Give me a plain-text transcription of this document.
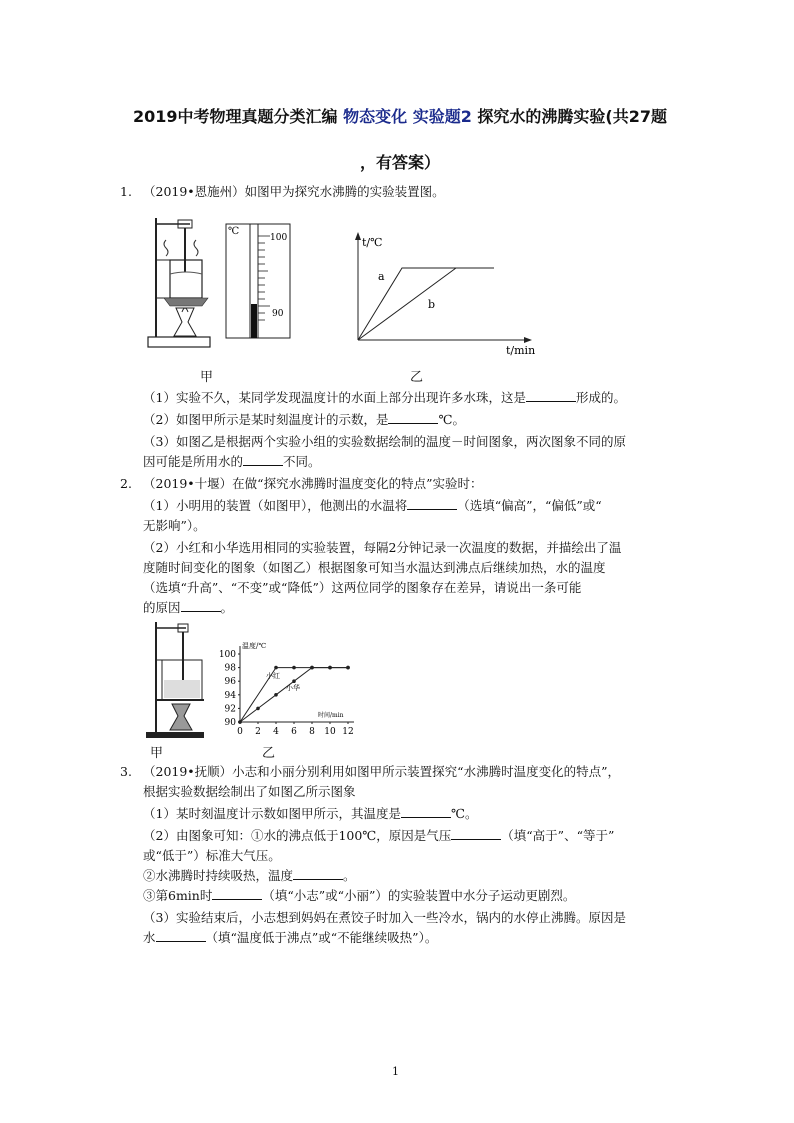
2019中考物理真题分类汇编 物态变化 实验题2 探究水的沸腾实验(共27题
，有答案）
1. （2019•恩施州）如图甲为探究水沸腾的实验装置图。
℃
100
90
甲
t/℃
a
b
t/min
乙
（1）实验不久，某同学发现温度计的水面上部分出现许多水珠，这是	形成的。
（2）如图甲所示是某时刻温度计的示数，是	℃。
（3）如图乙是根据两个实验小组的实验数据绘制的温度－时间图象，两次图象不同的原
因可能是所用水的	不同。
2. （2019•十堰）在做“探究水沸腾时温度变化的特点”实验时：
（1）小明用的装置（如图甲），他测出的水温将	（选填“偏高”，“偏低”或“
无影响”）。
（2）小红和小华选用相同的实验装置，每隔2分钟记录一次温度的数据，并描绘出了温
度随时间变化的图象（如图乙）根据图象可知当水温达到沸点后继续加热，水的温度
（选填“升高”、“不变”或“降低”）这两位同学的图象存在差异，请说出一条可能
的原因	。
甲
温度/℃
时间/min
小红
小华
90
92
94
96
98
100
0 2 4 6 8 10 12
乙
3. （2019•抚顺）小志和小丽分别利用如图甲所示装置探究“水沸腾时温度变化的特点”，
根据实验数据绘制出了如图乙所示图象
（1）某时刻温度计示数如图甲所示，其温度是	℃。
（2）由图象可知：①水的沸点低于100℃，原因是气压	（填“高于”、“等于”
或“低于”）标准大气压。
②水沸腾时持续吸热，温度	。
③第6min时	（填“小志”或“小丽”）的实验装置中水分子运动更剧烈。
（3）实验结束后，小志想到妈妈在煮饺子时加入一些冷水，锅内的水停止沸腾。原因是
水	（填“温度低于沸点”或“不能继续吸热”）。
1
